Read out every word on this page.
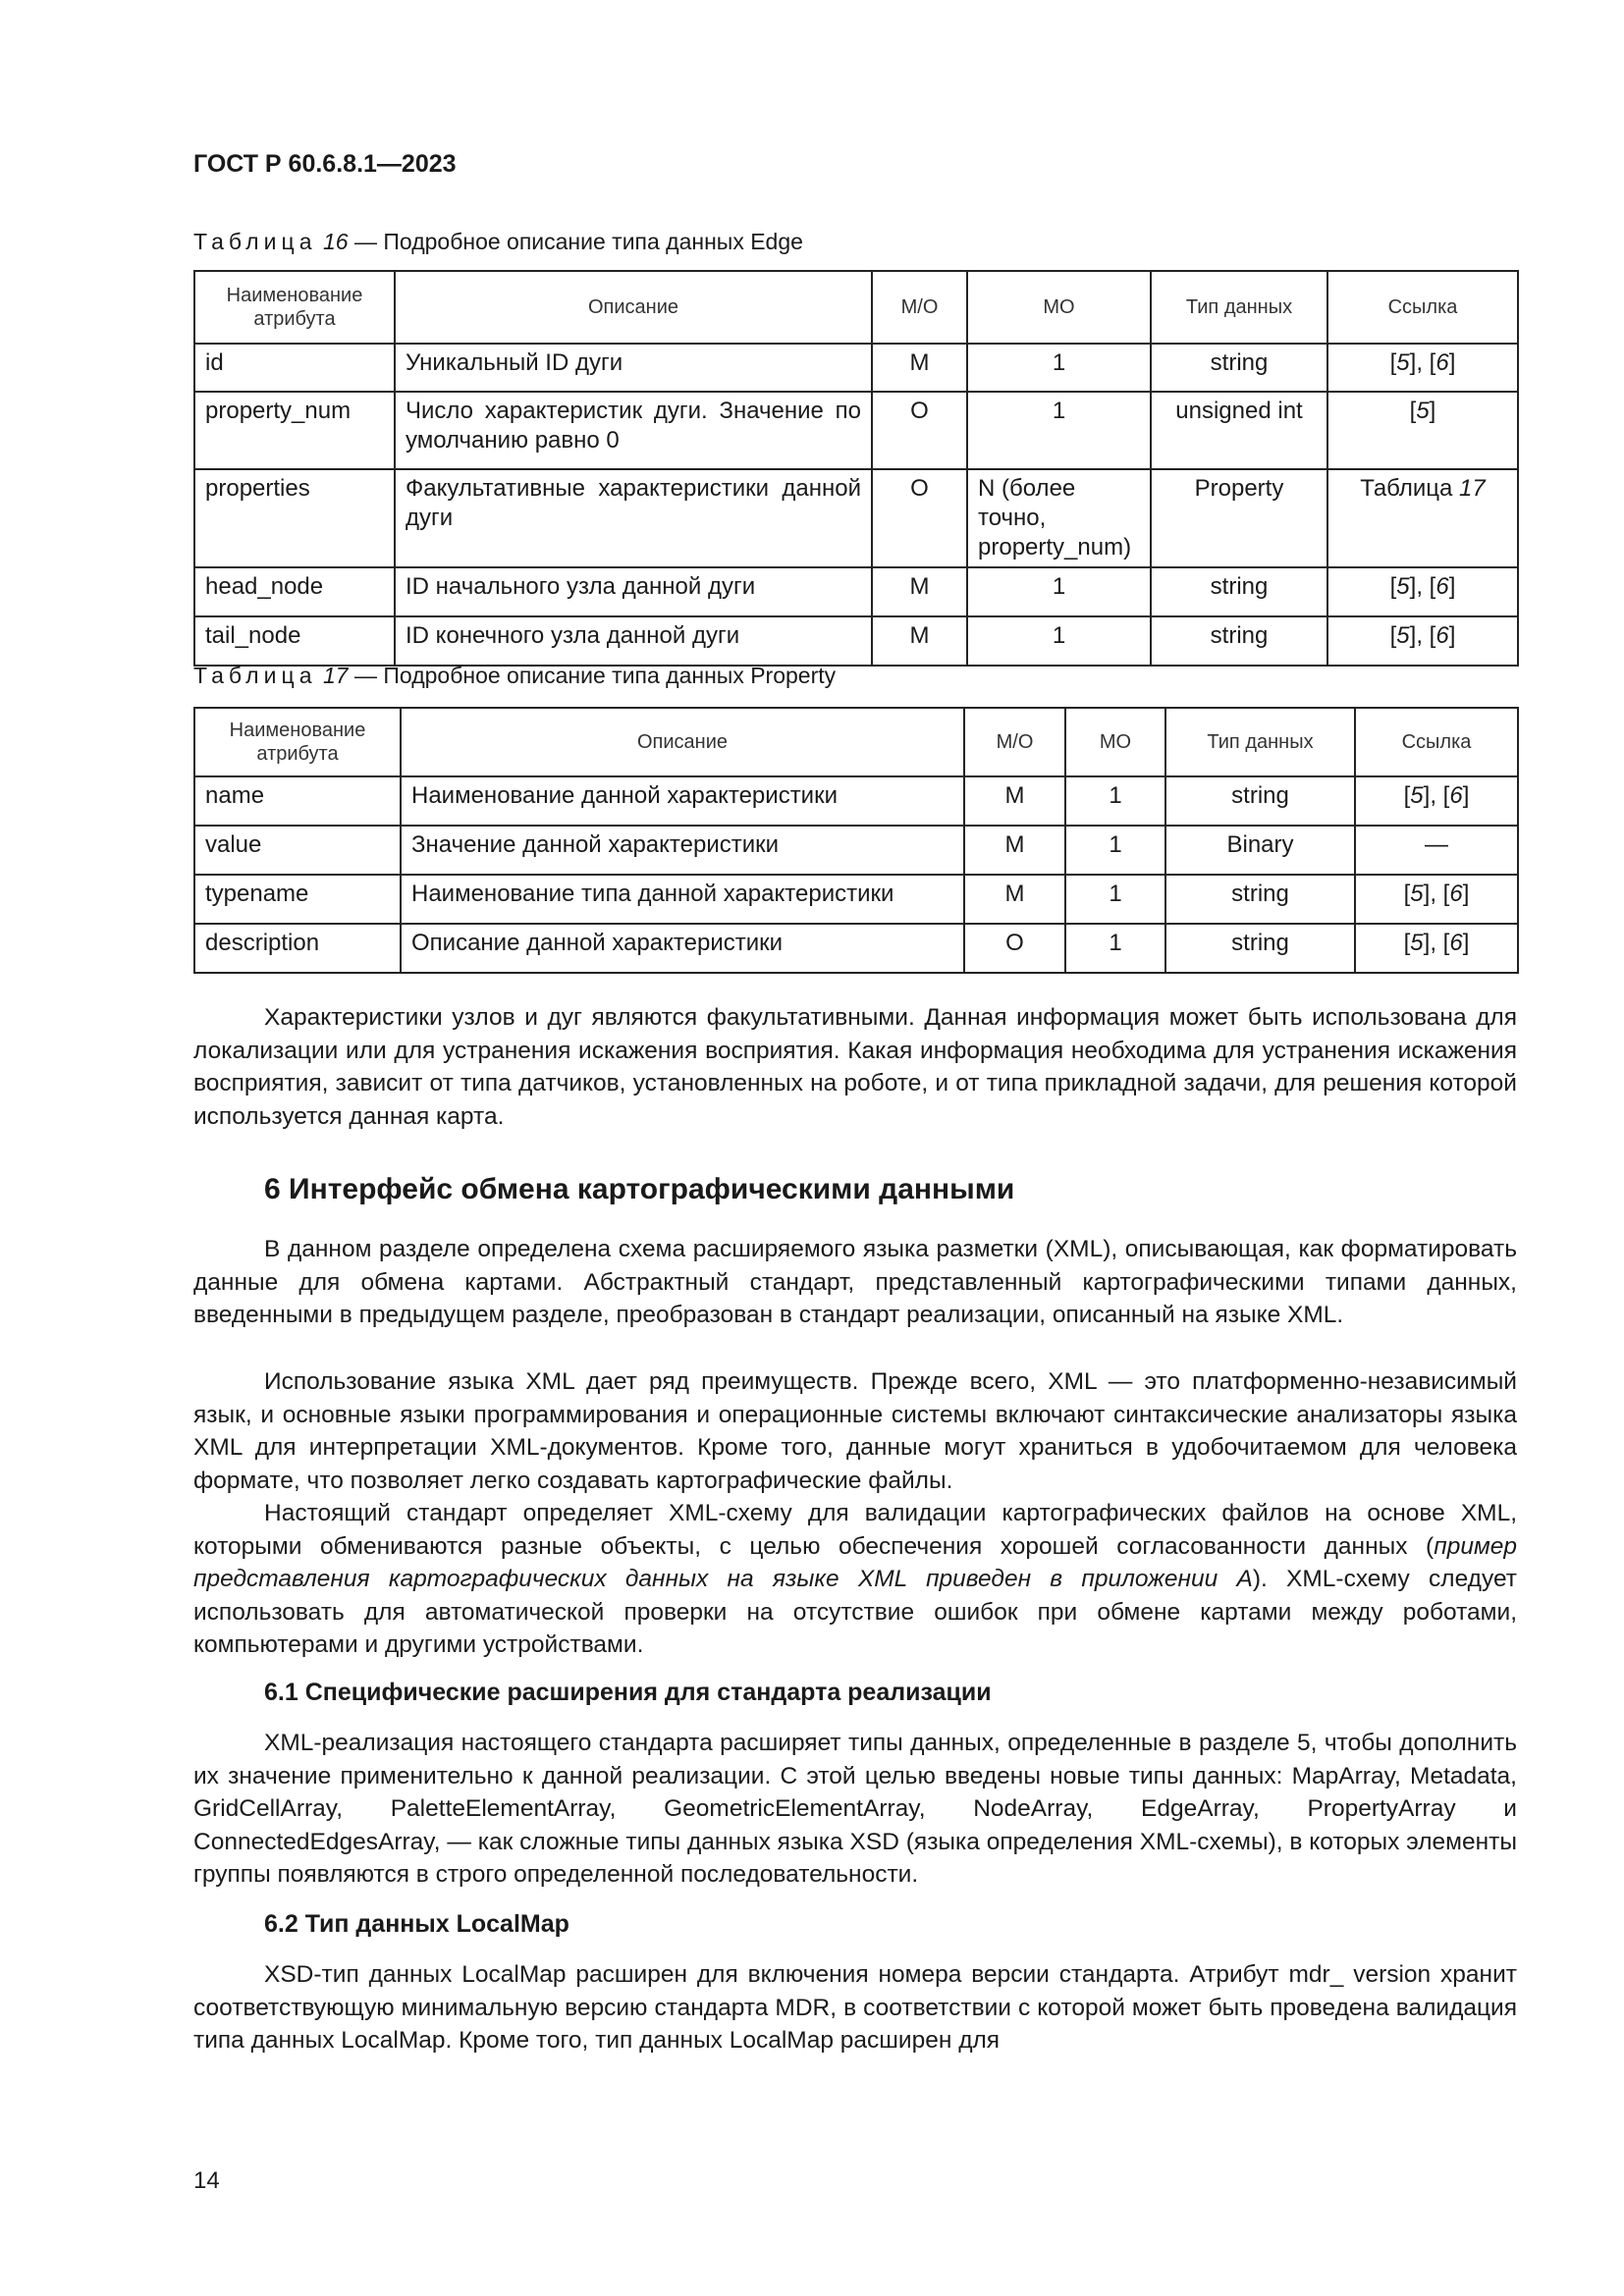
ГОСТ Р 60.6.8.1—2023
Таблица 16 — Подробное описание типа данных Edge
Наименование атрибута	Описание	M/O	MO	Тип данных	Ссылка
id	Уникальный ID дуги	M	1	string	[5], [6]
property_num	Число характеристик дуги. Значение по умолчанию равно 0	O	1	unsigned int	[5]
properties	Факультативные характеристики данной дуги	O	N (более точно, property_num)	Property	Таблица 17
head_node	ID начального узла данной дуги	M	1	string	[5], [6]
tail_node	ID конечного узла данной дуги	M	1	string	[5], [6]
Таблица 17 — Подробное описание типа данных Property
Наименование атрибута	Описание	M/O	MO	Тип данных	Ссылка
name	Наименование данной характеристики	M	1	string	[5], [6]
value	Значение данной характеристики	M	1	Binary	—
typename	Наименование типа данной характеристики	M	1	string	[5], [6]
description	Описание данной характеристики	O	1	string	[5], [6]

Характеристики узлов и дуг являются факультативными. Данная информация может быть использована для локализации или для устранения искажения восприятия. Какая информация необходима для устранения искажения восприятия, зависит от типа датчиков, установленных на роботе, и от типа прикладной задачи, для решения которой используется данная карта.

6 Интерфейс обмена картографическими данными

В данном разделе определена схема расширяемого языка разметки (XML), описывающая, как форматировать данные для обмена картами. Абстрактный стандарт, представленный картографическими типами данных, введенными в предыдущем разделе, преобразован в стандарт реализации, описанный на языке XML.

Использование языка XML дает ряд преимуществ. Прежде всего, XML — это платформенно-независимый язык, и основные языки программирования и операционные системы включают синтаксические анализаторы языка XML для интерпретации XML-документов. Кроме того, данные могут храниться в удобочитаемом для человека формате, что позволяет легко создавать картографические файлы.

Настоящий стандарт определяет XML-схему для валидации картографических файлов на основе XML, которыми обмениваются разные объекты, с целью обеспечения хорошей согласованности данных (пример представления картографических данных на языке XML приведен в приложении А). XML-схему следует использовать для автоматической проверки на отсутствие ошибок при обмене картами между роботами, компьютерами и другими устройствами.

6.1 Специфические расширения для стандарта реализации

XML-реализация настоящего стандарта расширяет типы данных, определенные в разделе 5, чтобы дополнить их значение применительно к данной реализации. С этой целью введены новые типы данных: MapArray, Metadata, GridCellArray, PaletteElementArray, GeometricElementArray, NodeArray, EdgeArray, PropertyArray и ConnectedEdgesArray, — как сложные типы данных языка XSD (языка определения XML-схемы), в которых элементы группы появляются в строго определенной последовательности.

6.2 Тип данных LocalMap

XSD-тип данных LocalMap расширен для включения номера версии стандарта. Атрибут mdr_ version хранит соответствующую минимальную версию стандарта MDR, в соответствии с которой может быть проведена валидация типа данных LocalMap. Кроме того, тип данных LocalMap расширен для

14
